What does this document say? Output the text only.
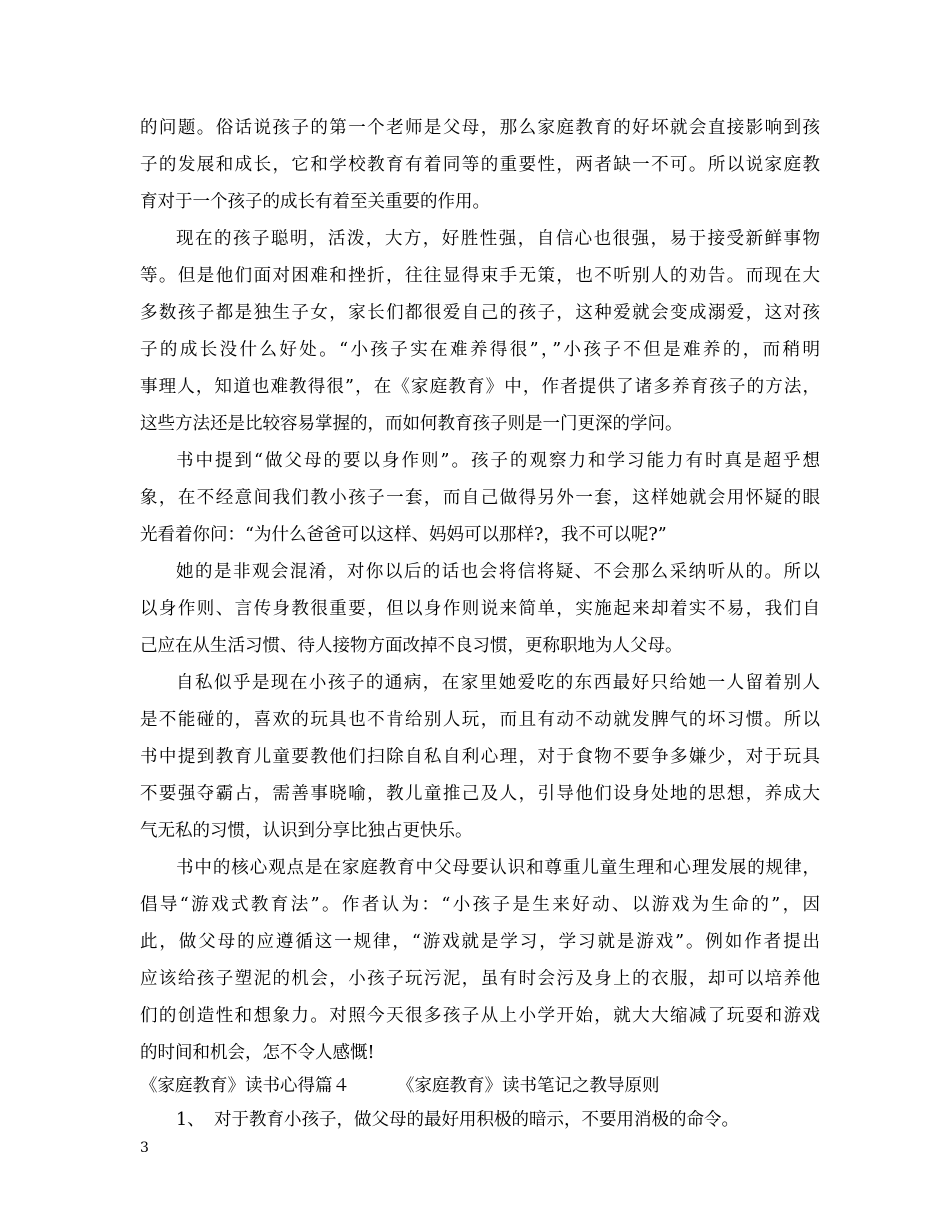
的问题。俗话说孩子的第一个老师是父母，那么家庭教育的好坏就会直接影响到孩
子的发展和成长，它和学校教育有着同等的重要性，两者缺一不可。所以说家庭教
育对于一个孩子的成长有着至关重要的作用。
现在的孩子聪明，活泼，大方，好胜性强，自信心也很强，易于接受新鲜事物
等。但是他们面对困难和挫折，往往显得束手无策，也不听别人的劝告。而现在大
多数孩子都是独生子女，家长们都很爱自己的孩子，这种爱就会变成溺爱，这对孩
子的成长没什么好处。“小孩子实在难养得很”，”小孩子不但是难养的，而稍明
事理人，知道也难教得很”，在《家庭教育》中，作者提供了诸多养育孩子的方法，
这些方法还是比较容易掌握的，而如何教育孩子则是一门更深的学问。
书中提到“做父母的要以身作则”。孩子的观察力和学习能力有时真是超乎想
象，在不经意间我们教小孩子一套，而自己做得另外一套，这样她就会用怀疑的眼
光看着你问：“为什么爸爸可以这样、妈妈可以那样?，我不可以呢?”
她的是非观会混淆，对你以后的话也会将信将疑、不会那么采纳听从的。所以
以身作则、言传身教很重要，但以身作则说来简单，实施起来却着实不易，我们自
己应在从生活习惯、待人接物方面改掉不良习惯，更称职地为人父母。
自私似乎是现在小孩子的通病，在家里她爱吃的东西最好只给她一人留着别人
是不能碰的，喜欢的玩具也不肯给别人玩，而且有动不动就发脾气的坏习惯。所以
书中提到教育儿童要教他们扫除自私自利心理，对于食物不要争多嫌少，对于玩具
不要强夺霸占，需善事晓喻，教儿童推己及人，引导他们设身处地的思想，养成大
气无私的习惯，认识到分享比独占更快乐。
书中的核心观点是在家庭教育中父母要认识和尊重儿童生理和心理发展的规律，
倡导“游戏式教育法”。作者认为：“小孩子是生来好动、以游戏为生命的”，因
此，做父母的应遵循这一规律，“游戏就是学习，学习就是游戏”。例如作者提出
应该给孩子塑泥的机会，小孩子玩污泥，虽有时会污及身上的衣服，却可以培养他
们的创造性和想象力。对照今天很多孩子从上小学开始，就大大缩减了玩耍和游戏
的时间和机会，怎不令人感慨!
《家庭教育》读书心得篇４	《家庭教育》读书笔记之教导原则
1、 对于教育小孩子，做父母的最好用积极的暗示，不要用消极的命令。
3
